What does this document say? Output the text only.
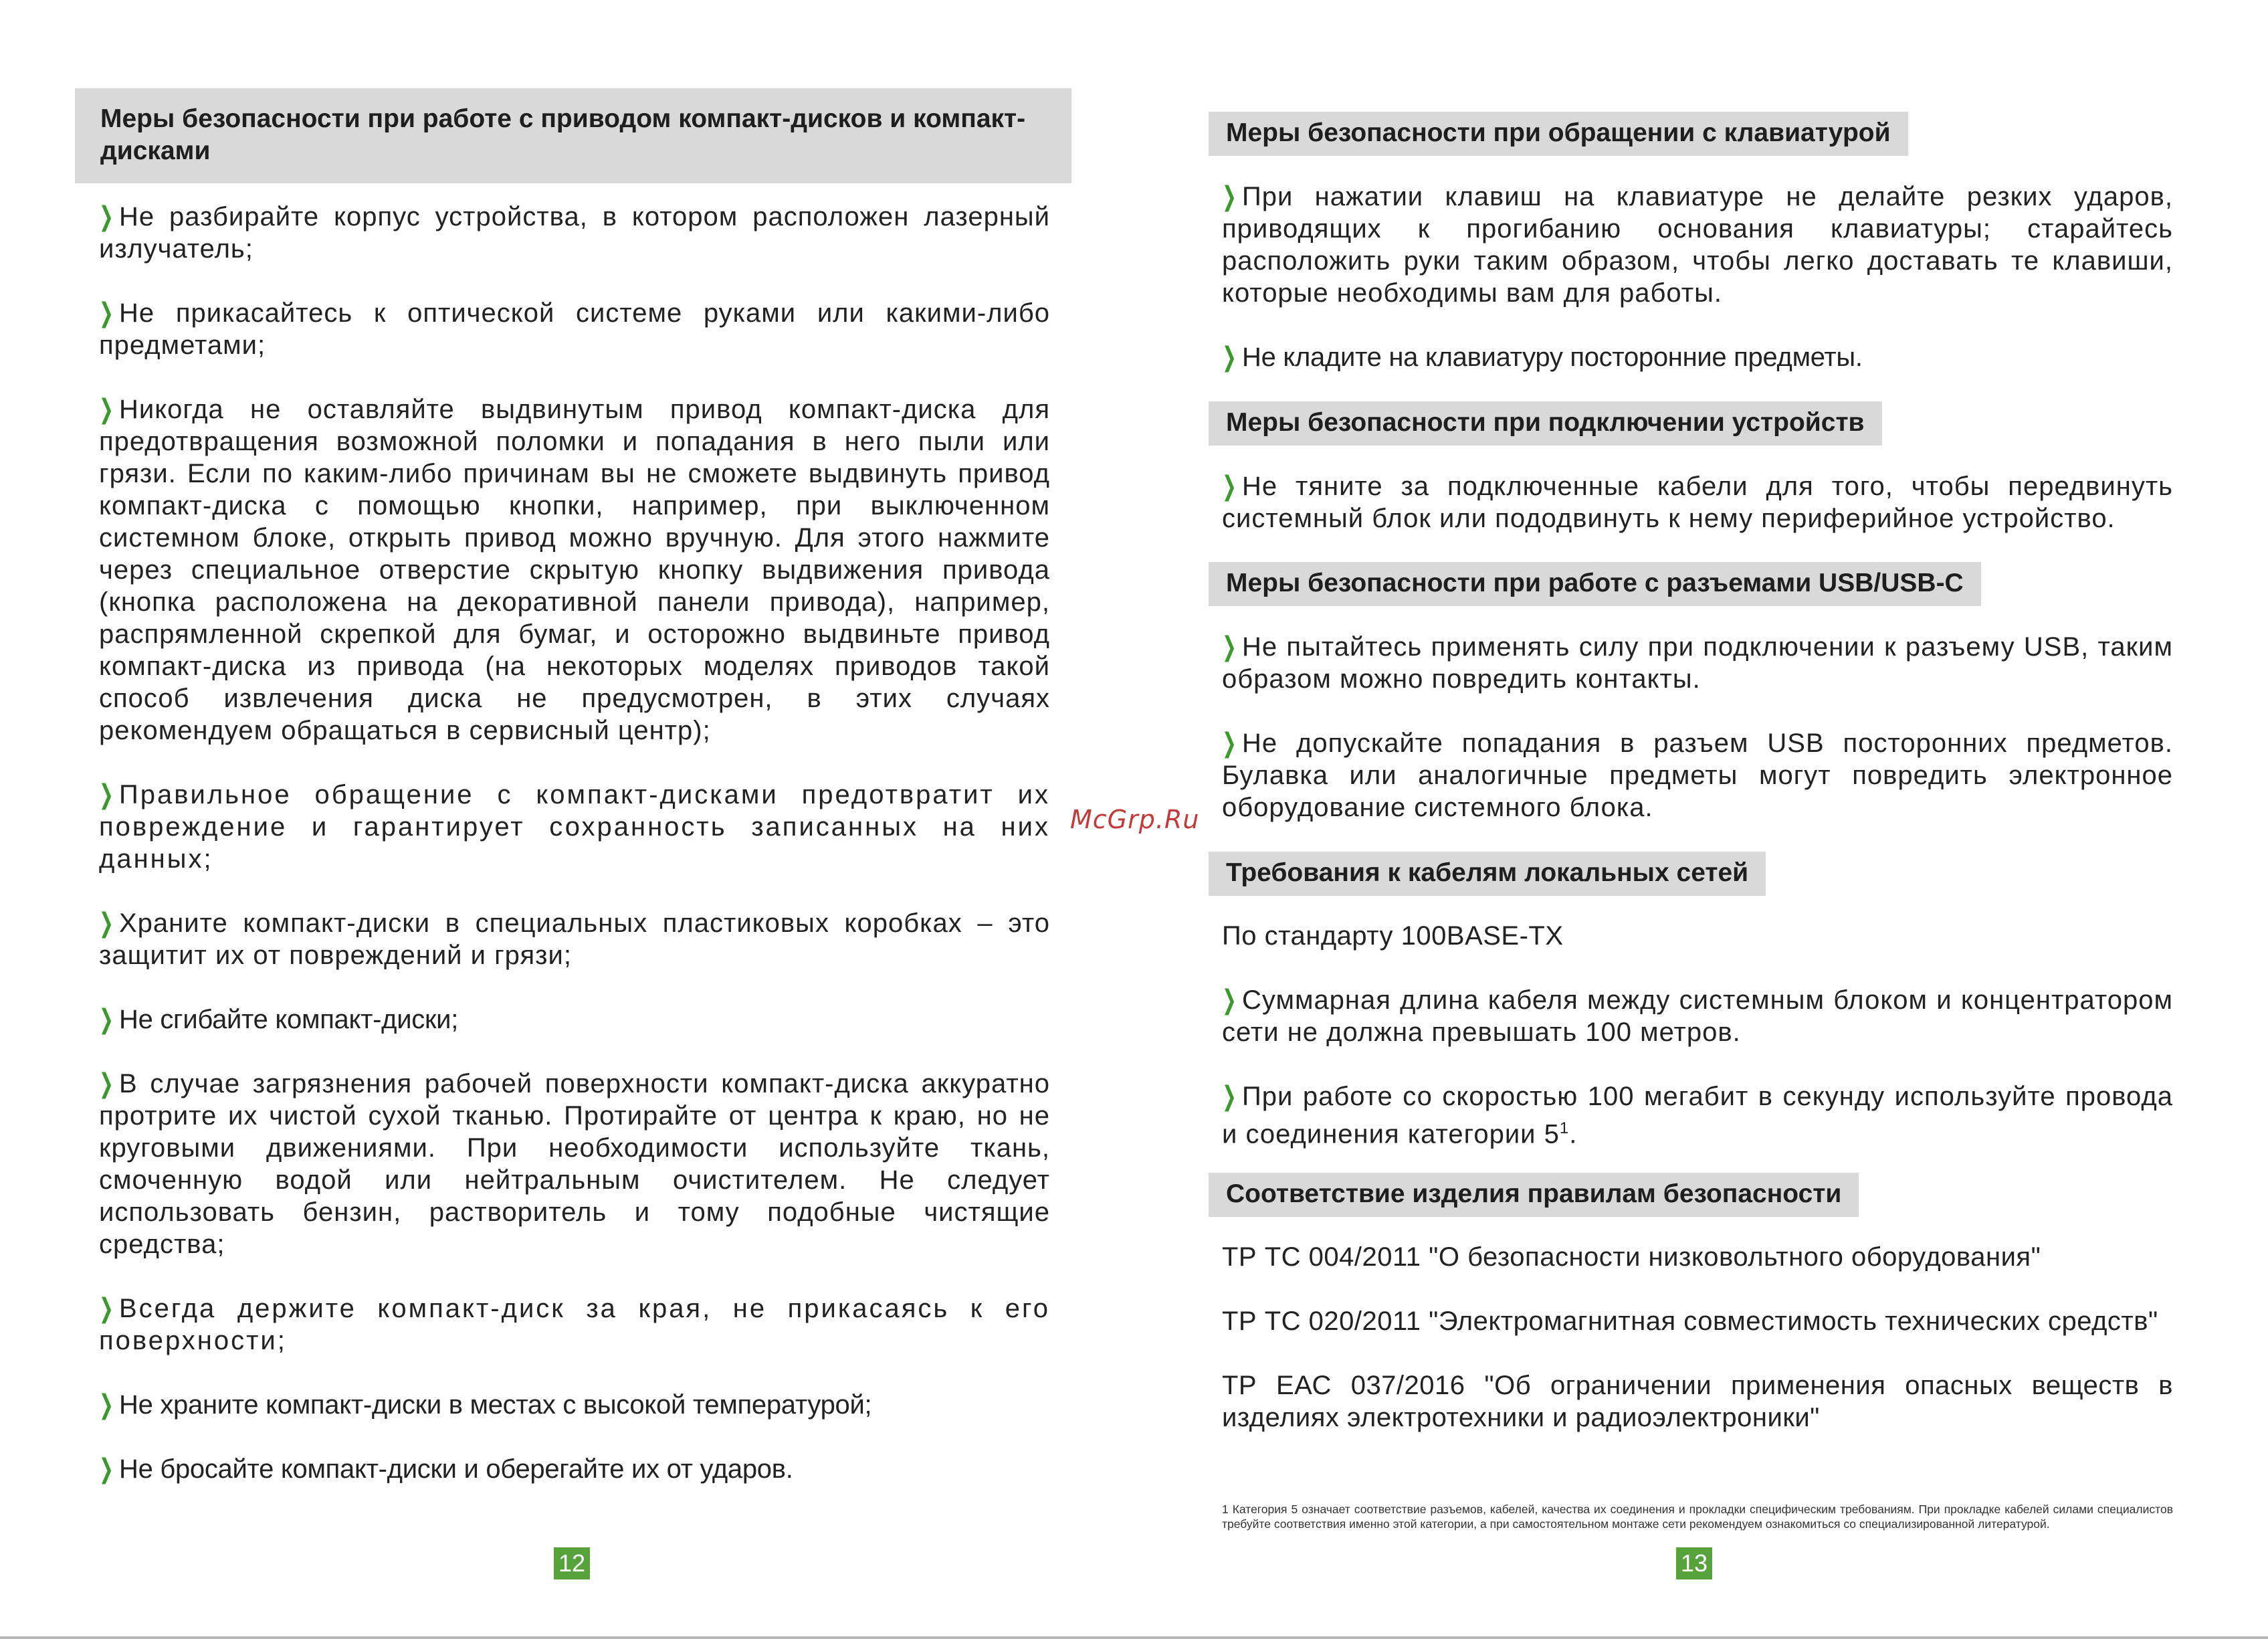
Меры безопасности при работе с приводом компакт-дисков и компакт-дисками

❯ Не разбирайте корпус устройства, в котором расположен лазерный излучатель;

❯ Не прикасайтесь к оптической системе руками или какими-либо предметами;

❯ Никогда не оставляйте выдвинутым привод компакт-диска для предотвращения возможной поломки и попадания в него пыли или грязи. Если по каким-либо причинам вы не сможете выдвинуть привод компакт-диска с помощью кнопки, например, при выключенном системном блоке, открыть привод можно вручную. Для этого нажмите через специальное отверстие скрытую кнопку выдвижения привода (кнопка расположена на декоративной панели привода), например, распрямленной скрепкой для бумаг, и осторожно выдвиньте привод компакт-диска из привода (на некоторых моделях приводов такой способ извлечения диска не предусмотрен, в этих случаях рекомендуем обращаться в сервисный центр);

❯ Правильное обращение с компакт-дисками предотвратит их повреждение и гарантирует сохранность записанных на них данных;

❯ Храните компакт-диски в специальных пластиковых коробках – это защитит их от повреждений и грязи;

❯ Не сгибайте компакт-диски;

❯ В случае загрязнения рабочей поверхности компакт-диска аккуратно протрите их чистой сухой тканью. Протирайте от центра к краю, но не круговыми движениями. При необходимости используйте ткань, смоченную водой или нейтральным очистителем. Не следует использовать бензин, растворитель и тому подобные чистящие средства;

❯ Всегда держите компакт-диск за края, не прикасаясь к его поверхности;

❯ Не храните компакт-диски в местах с высокой температурой;

❯ Не бросайте компакт-диски и оберегайте их от ударов.

12
McGrp.Ru
Меры безопасности при обращении с клавиатурой

❯ При нажатии клавиш на клавиатуре не делайте резких ударов, приводящих к прогибанию основания клавиатуры; старайтесь расположить руки таким образом, чтобы легко доставать те клавиши, которые необходимы вам для работы.

❯ Не кладите на клавиатуру посторонние предметы.

Меры безопасности при подключении устройств

❯ Не тяните за подключенные кабели для того, чтобы передвинуть системный блок или пододвинуть к нему периферийное устройство.

Меры безопасности при работе с разъемами USB/USB-C

❯ Не пытайтесь применять силу при подключении к разъему USB, таким образом можно повредить контакты.

❯ Не допускайте попадания в разъем USB посторонних предметов. Булавка или аналогичные предметы могут повредить электронное оборудование системного блока.

Требования к кабелям локальных сетей

По стандарту 100BASE-TX

❯ Суммарная длина кабеля между системным блоком и концентратором сети не должна превышать 100 метров.

❯ При работе со скоростью 100 мегабит в секунду используйте провода и соединения категории $5^1$.

Соответствие изделия правилам безопасности

ТР ТС 004/2011 "О безопасности низковольтного оборудования"

ТР ТС 020/2011 "Электромагнитная совместимость технических средств"

ТР ЕАС 037/2016 "Об ограничении применения опасных веществ в изделиях электротехники и радиоэлектроники"

1 Категория 5 означает соответствие разъемов, кабелей, качества их соединения и прокладки специфическим требованиям. При прокладке кабелей силами специалистов требуйте соответствия именно этой категории, а при самостоятельном монтаже сети рекомендуем ознакомиться со специализированной литературой.
13
